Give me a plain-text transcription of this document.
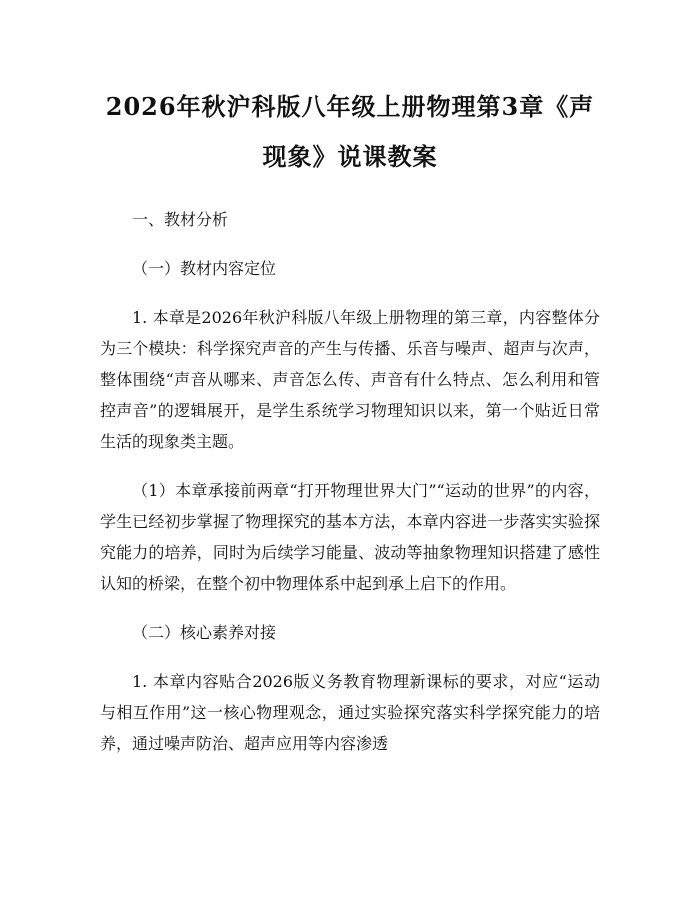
2026年秋沪科版八年级上册物理第3章《声
现象》说课教案

一、教材分析

（一）教材内容定位

1. 本章是2026年秋沪科版八年级上册物理的第三章，内容整体分为三个模块：科学探究声音的产生与传播、乐音与噪声、超声与次声，整体围绕“声音从哪来、声音怎么传、声音有什么特点、怎么利用和管控声音”的逻辑展开，是学生系统学习物理知识以来，第一个贴近日常生活的现象类主题。

（1）本章承接前两章“打开物理世界大门”“运动的世界”的内容，学生已经初步掌握了物理探究的基本方法，本章内容进一步落实实验探究能力的培养，同时为后续学习能量、波动等抽象物理知识搭建了感性认知的桥梁，在整个初中物理体系中起到承上启下的作用。

（二）核心素养对接

1. 本章内容贴合2026版义务教育物理新课标的要求，对应“运动与相互作用”这一核心物理观念，通过实验探究落实科学探究能力的培养，通过噪声防治、超声应用等内容渗透
